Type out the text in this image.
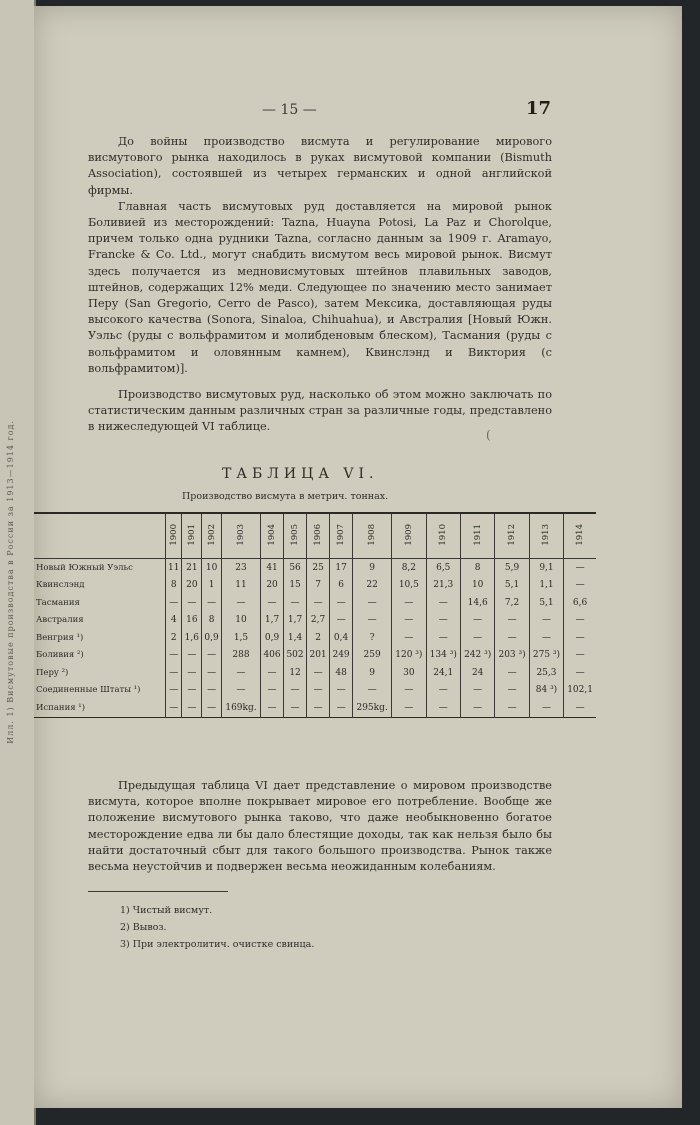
Илл. 1) Висмутовые производства в России за 1913—1914 год.
— 15 —	17

До войны производство висмута и регулирование мирового висмутового рынка находилось в руках висмутовой компании (Bismuth Association), состоявшей из четырех германских и одной английской фирмы.

Главная часть висмутовых руд доставляется на мировой рынок Боливией из месторождений: Tazna, Huayna Potosi, La Paz и Chorolque, причем только одна рудники Tazna, согласно данным за 1909 г. Aramayo, Francke & Co. Ltd., могут снабдить висмутом весь мировой рынок. Висмут здесь получается из медновисмутовых штейнов плавильных заводов, штейнов, содержащих 12% меди. Следующее по значению место занимает Перу (San Gregorio, Cerro de Pasco), затем Мексика, доставляющая руды высокого качества (Sonora, Sinaloa, Chihuahua), и Австралия [Новый Южн. Уэльс (руды с вольфрамитом и молибденовым блеском), Тасмания (руды с вольфрамитом и оловянным камнем), Квинслэнд и Виктория (с вольфрамитом)].

Производство висмутовых руд, насколько об этом можно заключать по статистическим данным различных стран за различные годы, представлено в нижеследующей VI таблице.

(
ТАБЛИЦА VI.
Производство висмута в метрич. тоннах.
	1900	1901	1902	1903	1904	1905	1906	1907	1908	1909	1910	1911	1912	1913	1914
Новый Южный Уэльс	11	21	10	23	41	56	25	17	9	8,2	6,5	8	5,9	9,1	—
Квинслэнд	8	20	1	11	20	15	7	6	22	10,5	21,3	10	5,1	1,1	—
Тасмания	—	—	—	—	—	—	—	—	—	—	—	14,6	7,2	5,1	6,6
Австралия	4	16	8	10	1,7	1,7	2,7	—	—	—	—	—	—	—	—
Венгрия ¹)	2	1,6	0,9	1,5	0,9	1,4	2	0,4	?	—	—	—	—	—	—
Боливия ²)	—	—	—	288	406	502	201	249	259	120 ³)	134 ³)	242 ³)	203 ³)	275 ³)	—
Перу ²)	—	—	—	—	—	12	—	48	9	30	24,1	24	—	25,3	—
Соединенные Штаты ¹)	—	—	—	—	—	—	—	—	—	—	—	—	—	84 ³)	102,1
Испания ¹)	—	—	—	169kg.	—	—	—	—	295kg.	—	—	—	—	—	—

Предыдущая таблица VI дает представление о мировом производстве висмута, которое вполне покрывает мировое его потребление. Вообще же положение висмутового рынка таково, что даже необыкновенно богатое месторождение едва ли бы дало блестящие доходы, так как нельзя было бы найти достаточный сбыт для такого большого производства. Рынок также весьма неустойчив и подвержен весьма неожиданным колебаниям.

1) Чистый висмут.
2) Вывоз.
3) При электролитич. очистке свинца.
